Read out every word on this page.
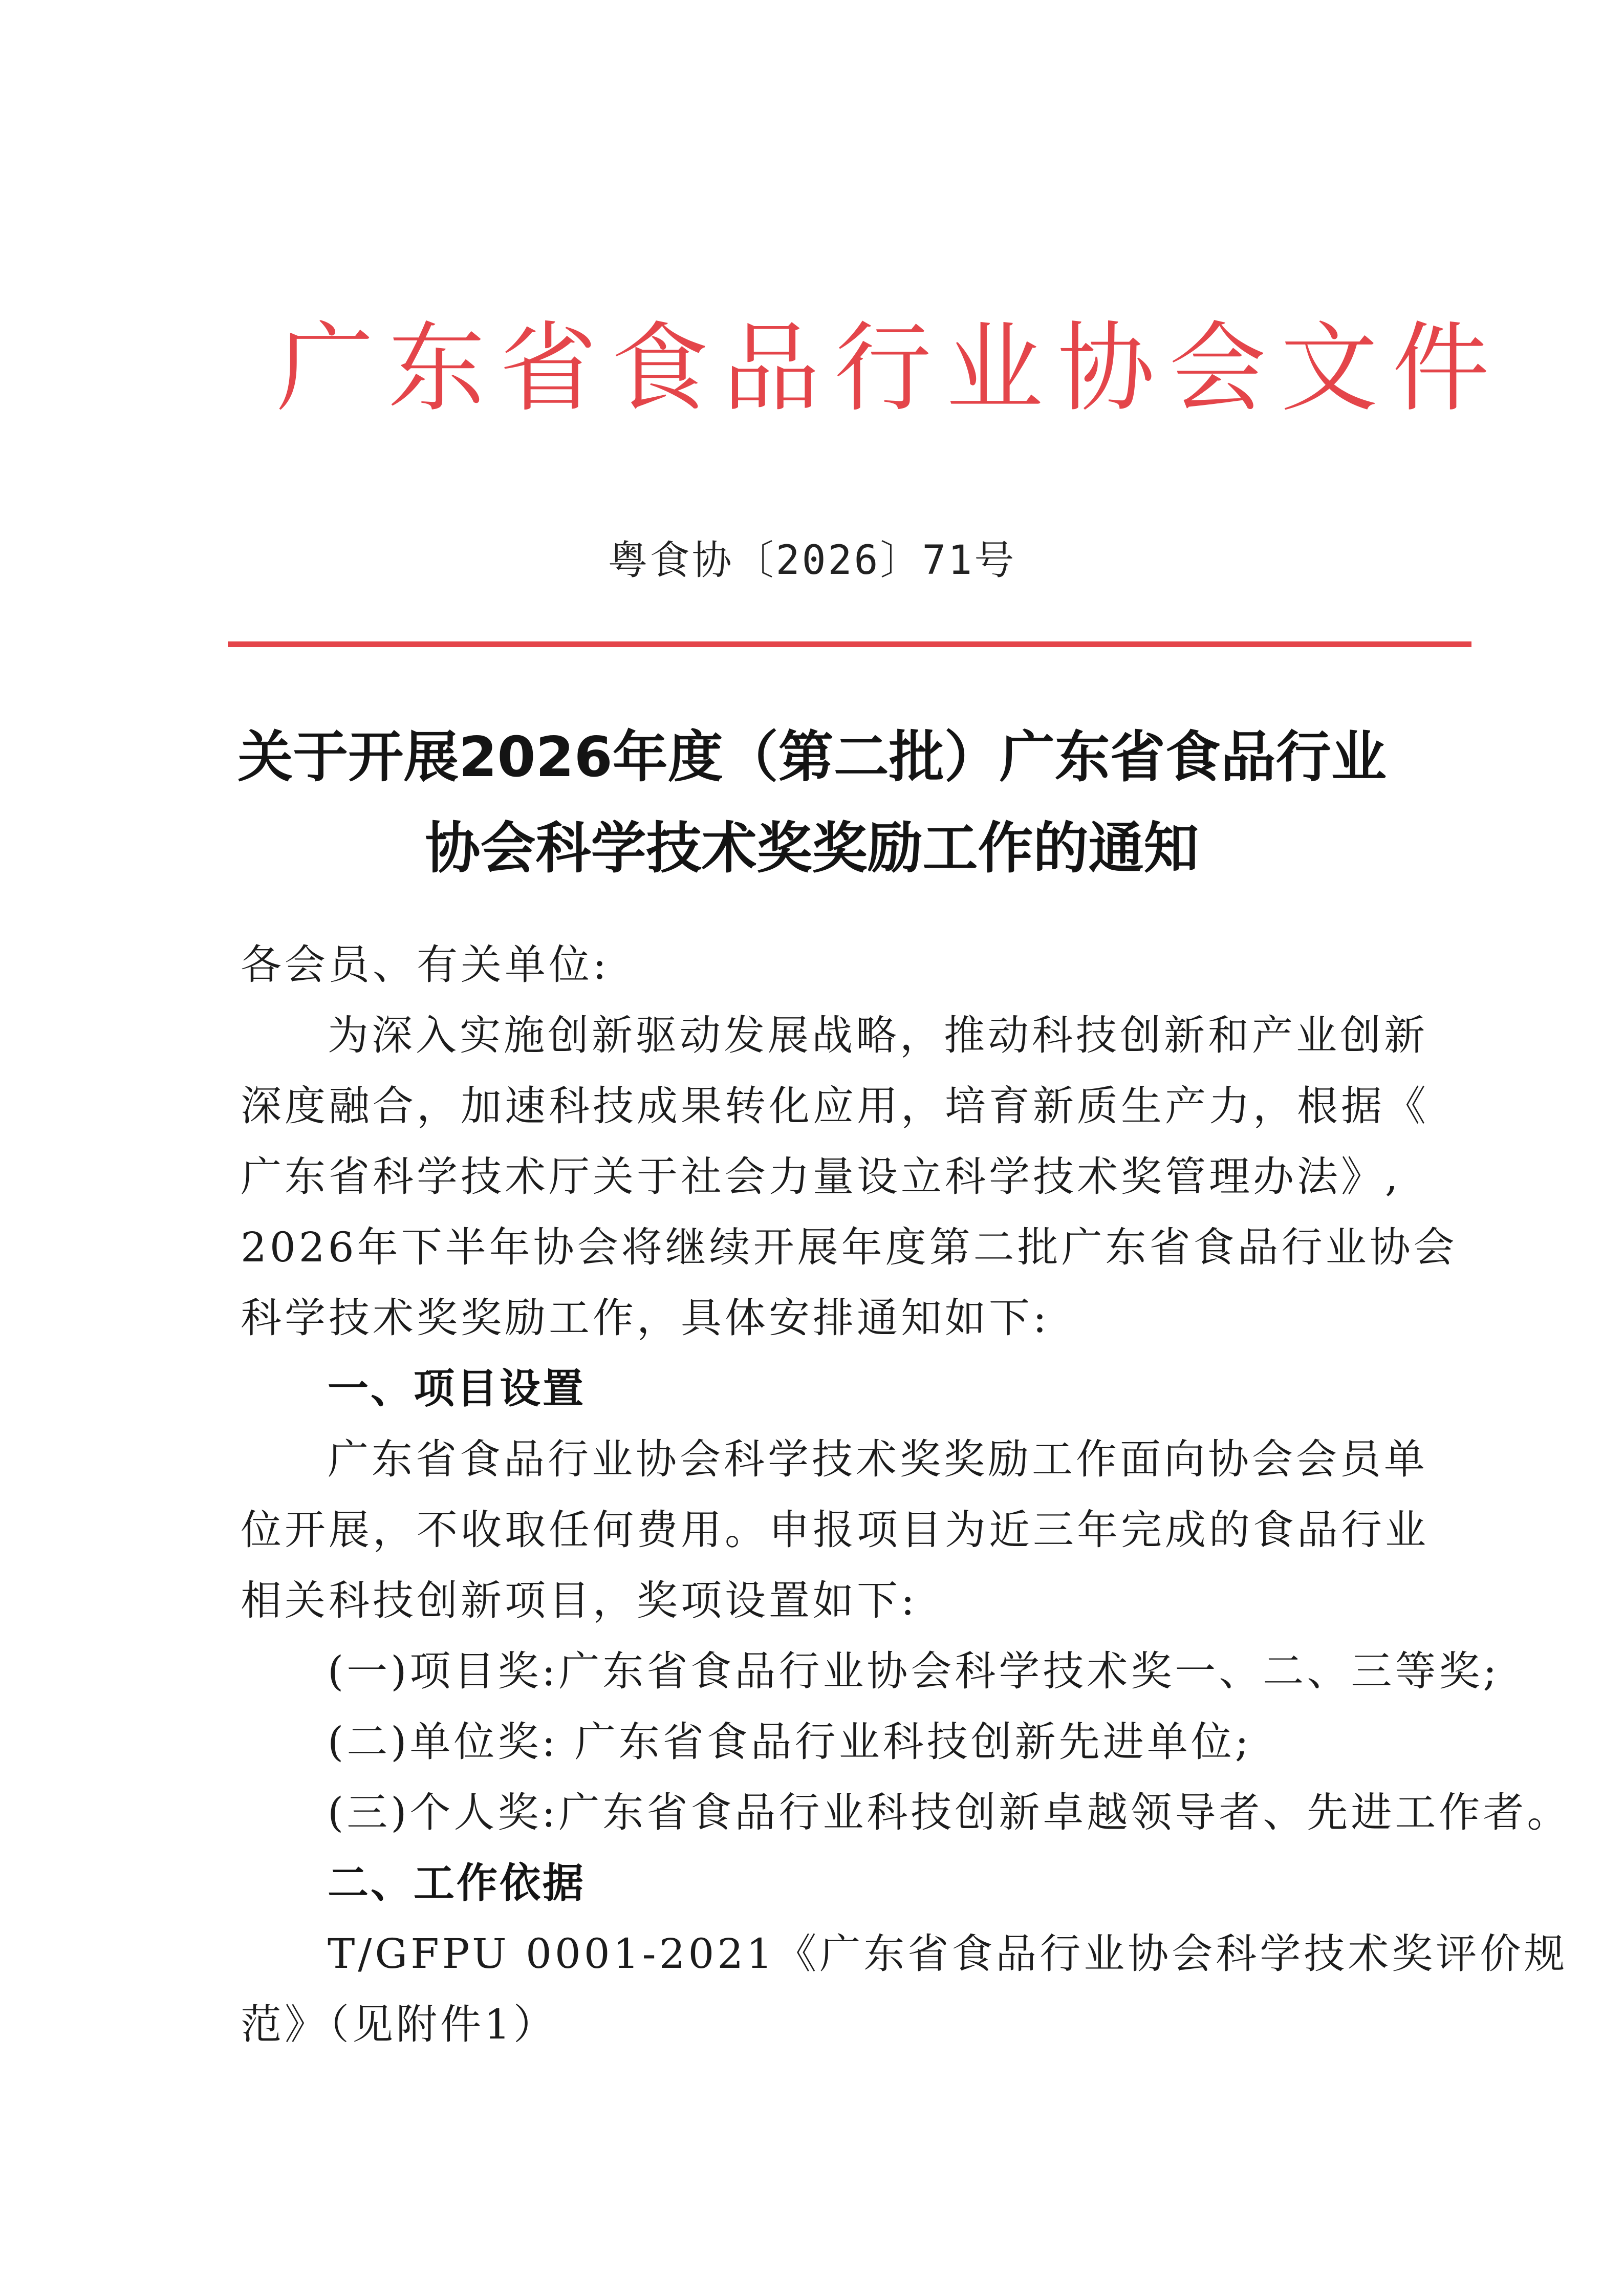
广东省食品行业协会文件
粤食协〔2026〕71号
关于开展2026年度（第二批）广东省食品行业
协会科学技术奖奖励工作的通知
各会员、有关单位:
为深入实施创新驱动发展战略，推动科技创新和产业创新
深度融合，加速科技成果转化应用，培育新质生产力，根据《
广东省科学技术厅关于社会力量设立科学技术奖管理办法》,
2026年下半年协会将继续开展年度第二批广东省食品行业协会
科学技术奖奖励工作，具体安排通知如下:
一、项目设置
广东省食品行业协会科学技术奖奖励工作面向协会会员单
位开展，不收取任何费用。申报项目为近三年完成的食品行业
相关科技创新项目，奖项设置如下:
(一)项目奖:广东省食品行业协会科学技术奖一、二、三等奖;
(二)单位奖: 广东省食品行业科技创新先进单位;
(三)个人奖:广东省食品行业科技创新卓越领导者、先进工作者。
二、工作依据
T/GFPU 0001-2021《广东省食品行业协会科学技术奖评价规
范》（见附件1）
